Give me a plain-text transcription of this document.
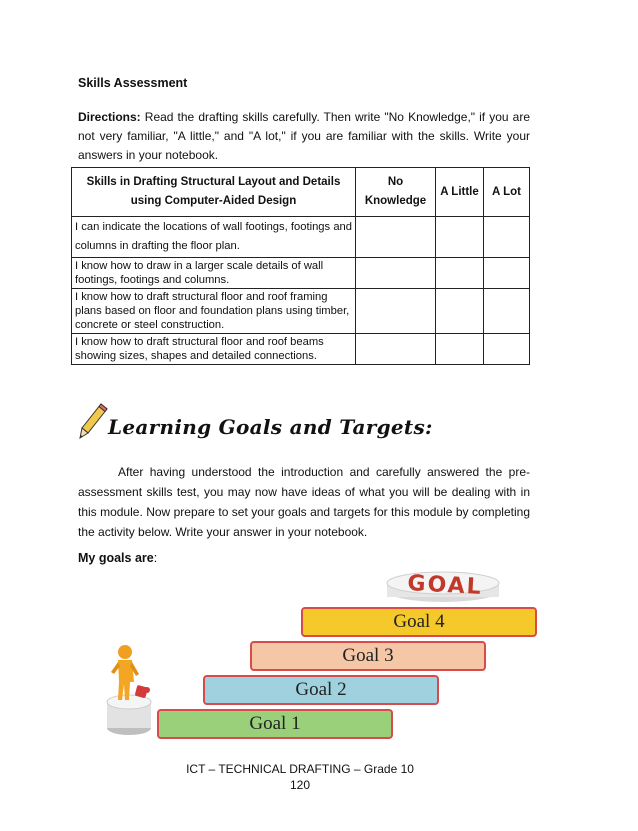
Skills Assessment
Directions: Read the drafting skills carefully. Then write "No Knowledge," if you are not very familiar, "A little," and "A lot," if you are familiar with the skills. Write your answers in your notebook.
Skills in Drafting Structural Layout and Details using Computer-Aided Design	No Knowledge	A Little	A Lot
I can indicate the locations of wall footings, footings and columns in drafting the floor plan.			
I know how to draw in a larger scale details of wall footings, footings and columns.			
I know how to draft structural floor and roof framing plans based on floor and foundation plans using timber, concrete or steel construction.			
I know how to draft structural floor and roof beams showing sizes, shapes and detailed connections.			
Learning Goals and Targets:
After having understood the introduction and carefully answered the pre- assessment skills test, you may now have ideas of what you will be dealing with in this module. Now prepare to set your goals and targets for this module by completing the activity below. Write your answer in your notebook.
My goals are:
GOAL
Goal 4
Goal 3
Goal 2
Goal 1
ICT – TECHNICAL DRAFTING – Grade 10
120
